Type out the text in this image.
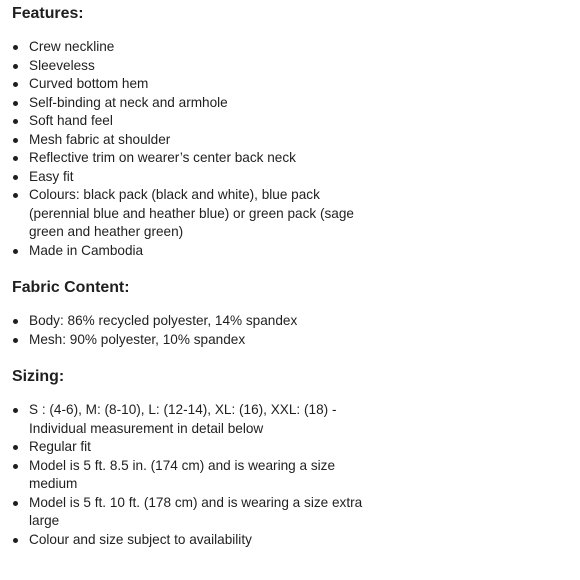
Features:
Crew neckline
Sleeveless
Curved bottom hem
Self-binding at neck and armhole
Soft hand feel
Mesh fabric at shoulder
Reflective trim on wearer’s center back neck
Easy fit
Colours: black pack (black and white), blue pack (perennial blue and heather blue) or green pack (sage green and heather green)
Made in Cambodia
Fabric Content:
Body: 86% recycled polyester, 14% spandex
Mesh: 90% polyester, 10% spandex
Sizing:
S : (4-6), M: (8-10), L: (12-14), XL: (16), XXL: (18) - Individual measurement in detail below
Regular fit
Model is 5 ft. 8.5 in. (174 cm) and is wearing a size medium
Model is 5 ft. 10 ft. (178 cm) and is wearing a size extra large
Colour and size subject to availability
